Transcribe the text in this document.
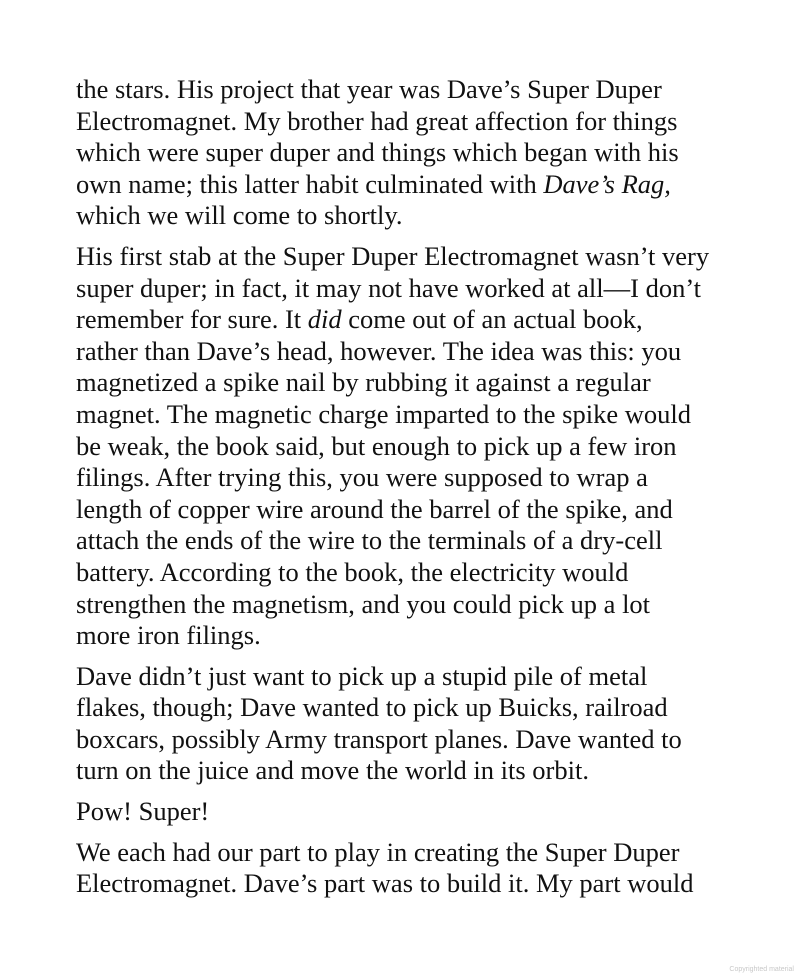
the stars. His project that year was Dave’s Super Duper
Electromagnet. My brother had great affection for things
which were super duper and things which began with his
own name; this latter habit culminated with Dave’s Rag,
which we will come to shortly.

His first stab at the Super Duper Electromagnet wasn’t very
super duper; in fact, it may not have worked at all—I don’t
remember for sure. It did come out of an actual book,
rather than Dave’s head, however. The idea was this: you
magnetized a spike nail by rubbing it against a regular
magnet. The magnetic charge imparted to the spike would
be weak, the book said, but enough to pick up a few iron
filings. After trying this, you were supposed to wrap a
length of copper wire around the barrel of the spike, and
attach the ends of the wire to the terminals of a dry-cell
battery. According to the book, the electricity would
strengthen the magnetism, and you could pick up a lot
more iron filings.

Dave didn’t just want to pick up a stupid pile of metal
flakes, though; Dave wanted to pick up Buicks, railroad
boxcars, possibly Army transport planes. Dave wanted to
turn on the juice and move the world in its orbit.

Pow! Super!

We each had our part to play in creating the Super Duper
Electromagnet. Dave’s part was to build it. My part would

Copyrighted material
